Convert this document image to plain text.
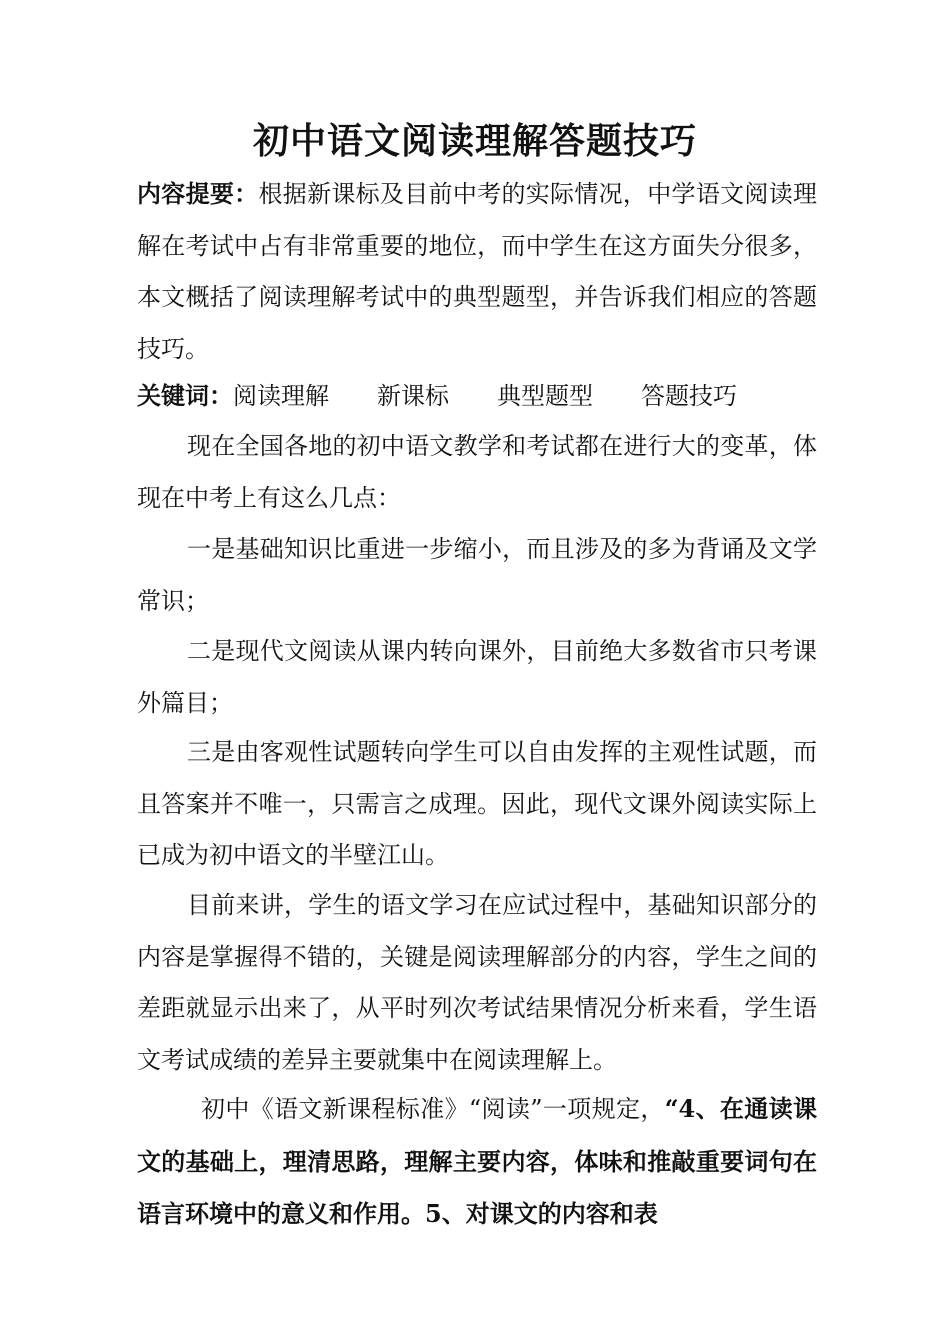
初中语文阅读理解答题技巧

内容提要：根据新课标及目前中考的实际情况，中学语文阅读理解在考试中占有非常重要的地位，而中学生在这方面失分很多，本文概括了阅读理解考试中的典型题型，并告诉我们相应的答题技巧。

关键词：阅读理解 新课标 典型题型 答题技巧

现在全国各地的初中语文教学和考试都在进行大的变革，体现在中考上有这么几点：

一是基础知识比重进一步缩小，而且涉及的多为背诵及文学常识；

二是现代文阅读从课内转向课外，目前绝大多数省市只考课外篇目；

三是由客观性试题转向学生可以自由发挥的主观性试题，而且答案并不唯一，只需言之成理。因此，现代文课外阅读实际上已成为初中语文的半壁江山。

目前来讲，学生的语文学习在应试过程中，基础知识部分的内容是掌握得不错的，关键是阅读理解部分的内容，学生之间的差距就显示出来了，从平时列次考试结果情况分析来看，学生语文考试成绩的差异主要就集中在阅读理解上。

初中《语文新课程标准》“阅读”一项规定，“4、在通读课文的基础上，理清思路，理解主要内容，体味和推敲重要词句在语言环境中的意义和作用。5、对课文的内容和表
